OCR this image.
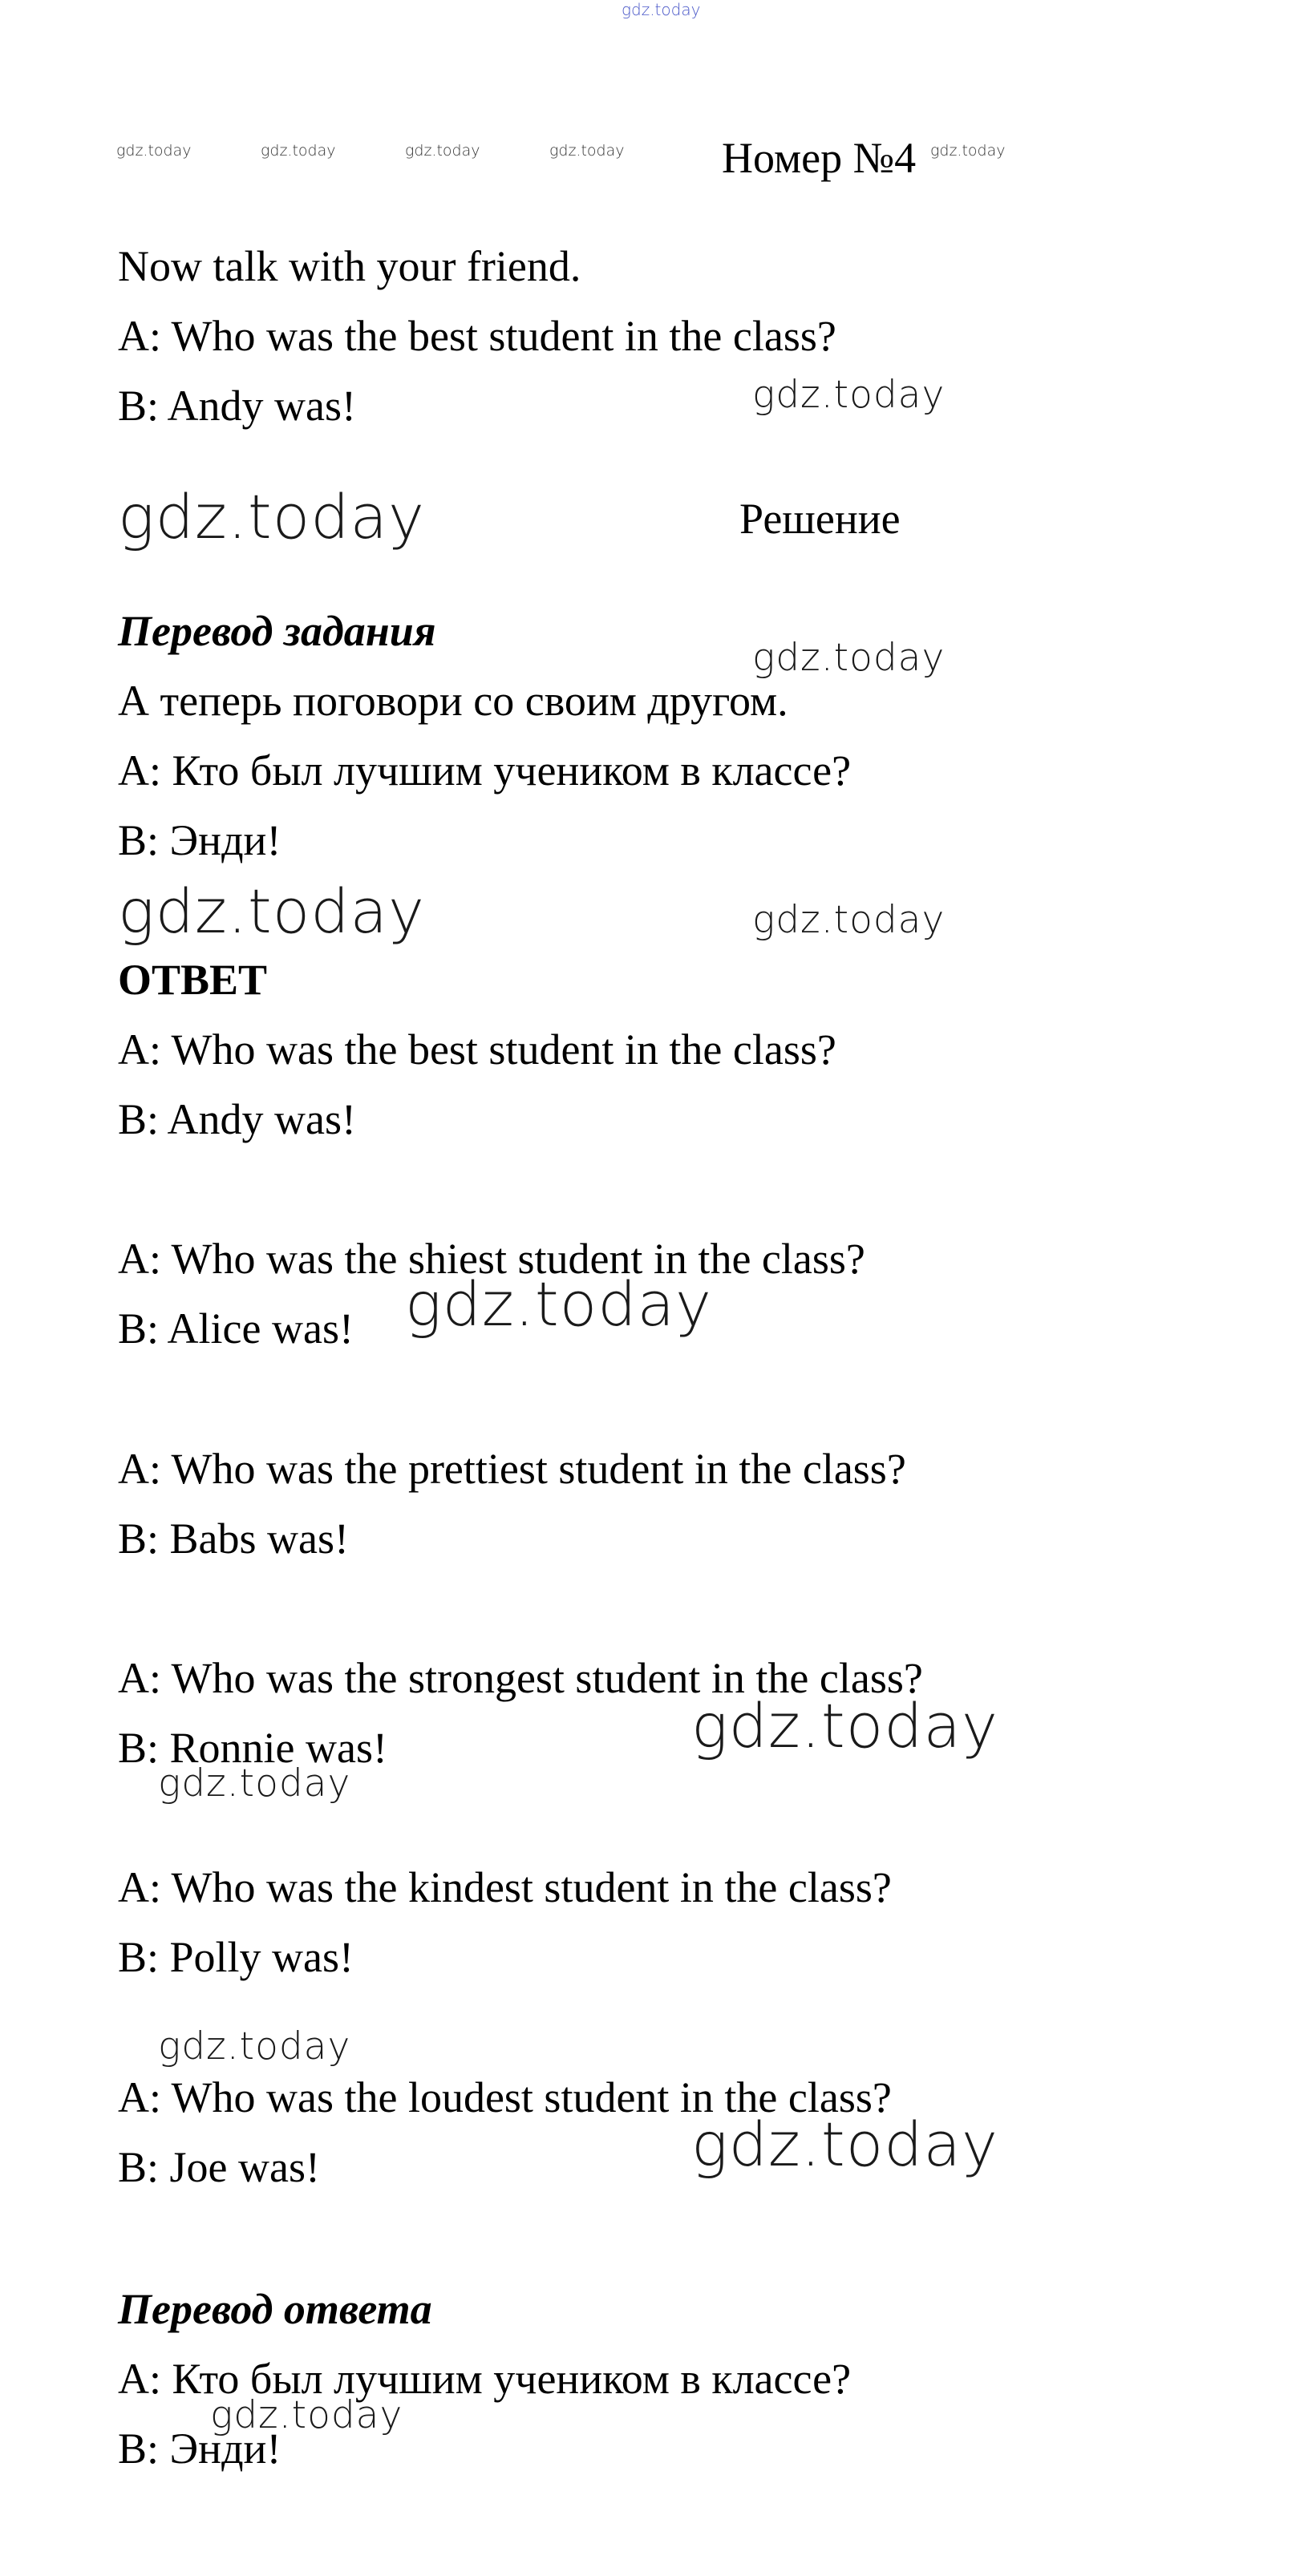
gdz.today
gdz.today	gdz.today	gdz.today	gdz.today Номер №4 gdz.today
Now talk with your friend.
A: Who was the best student in the class?
B: Andy was!	gdz.today
gdz.today	Решение
Перевод задания
gdz.today
А теперь поговори со своим другом.
A: Кто был лучшим учеником в классе?
B: Энди!
gdz.today	gdz.today
ОТВЕТ
A: Who was the best student in the class?
B: Andy was!
A: Who was the shiest student in the class?
B: Alice was! gdz.today
A: Who was the prettiest student in the class?
B: Babs was!
A: Who was the strongest student in the class?
B: Ronnie was!	gdz.today
gdz.today
A: Who was the kindest student in the class?
B: Polly was!
gdz.today
A: Who was the loudest student in the class?
B: Joe was!	gdz.today
Перевод ответа
A: Кто был лучшим учеником в классе?
gdz.today
B: Энди!
